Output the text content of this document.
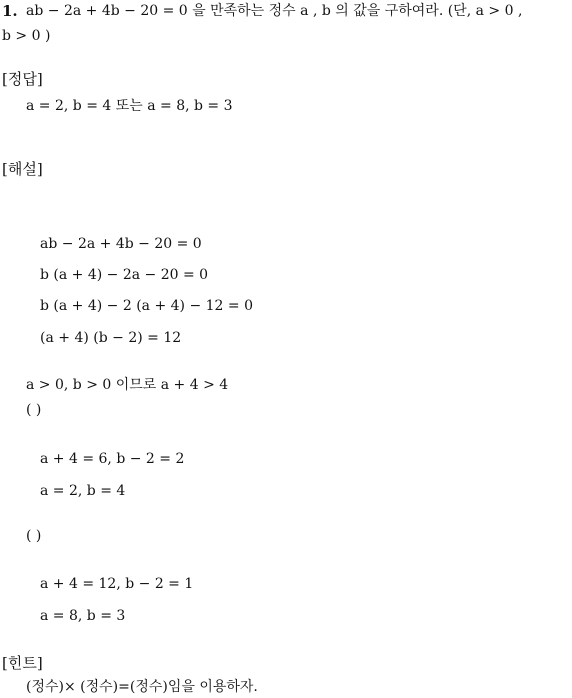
1. ab − 2a + 4b − 20 = 0 을 만족하는 정수 a , b 의 값을 구하여라. (단, a > 0 ,
b > 0 )
[정답]
a = 2, b = 4 또는 a = 8, b = 3
[해설]
ab − 2a + 4b − 20 = 0
b (a + 4) − 2a − 20 = 0
b (a + 4) − 2 (a + 4) − 12 = 0
(a + 4) (b − 2) = 12
a > 0, b > 0 이므로 a + 4 > 4
( )
a + 4 = 6, b − 2 = 2
a = 2, b = 4
( )
a + 4 = 12, b − 2 = 1
a = 8, b = 3
[힌트]
(정수)× (정수)=(정수)임을 이용하자.
